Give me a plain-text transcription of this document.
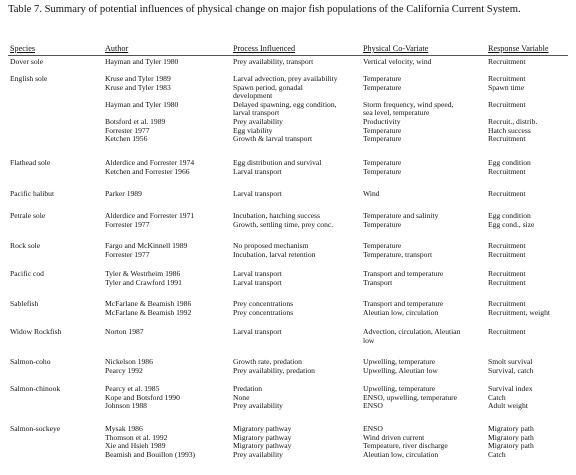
Table 7. Summary of potential influences of physical change on major fish populations of the California Current System.
Species	Author	Process Influenced	Physical Co-Variate	Response Variable
Dover sole	Hayman and Tyler 1980	Prey availability, transport	Vertical velocity, wind	Recruitment
English sole	Kruse and Tyler 1989	Larval advection, prey availability	Temperature	Recruitment
Kruse and Tyler 1983	Spawn period, gonadal	Temperature	Spawn time
development
Hayman and Tyler 1980	Delayed spawning, egg condition,	Storm frequency, wind speed,	Recruitment
larval transport	sea level, temperature
Botsford et al. 1989	Prey availability	Productivity	Recruit., distrib.
Forrester 1977	Egg viability	Temperature	Hatch success
Ketchen 1956	Growth & larval transport	Temperature	Recruitment
Flathead sole	Alderdice and Forrester 1974	Egg distribution and survival	Temperature	Egg condition
Ketchen and Forrester 1966	Larval transport	Temperature	Recruitment
Pacific halibut	Parker 1989	Larval transport	Wind	Recruitment
Petrale sole	Alderdice and Forrester 1971	Incubation, hatching success	Temperature and salinity	Egg condition
Forrester 1977	Growth, settling time, prey conc.	Temperature	Egg cond., size
Rock sole	Fargo and McKinnell 1989	No proposed mechanism	Temperature	Recruitment
Forrester 1977	Incubation, larval retention	Temperature, transport	Recruitment
Pacific cod	Tyler & Westrheim 1986	Larval transport	Transport and temperature	Recruitment
Tyler and Crawford 1991	Larval transport	Transport	Recruitment
Sablefish	McFarlane & Beamish 1986	Prey concentrations	Transport and temperature	Recruitment
McFarlane & Beamish 1992	Prey concentrations	Aleutian low, circulation	Recruitment, weight
Widow Rockfish	Norton 1987	Larval transport	Advection, circulation, Aleutian	Recruitment
low
Salmon-coho	Nickelson 1986	Growth rate, predation	Upwelling, temperature	Smolt survival
Pearcy 1992	Prey availability, predation	Upwelling, Aleutian low	Survival, catch
Salmon-chinook	Pearcy et al. 1985	Predation	Upwelling, temperature	Survival index
Kope and Botsford 1990	None	ENSO, upwelling, temperature	Catch
Johnson 1988	Prey availability	ENSO	Adult weight
Salmon-sockeye	Mysak 1986	Migratory pathway	ENSO	Migratory path
Thomson et al. 1992	Migratory pathway	Wind driven current	Migratory path
Xie and Hsieh 1989	Migratory pathway	Tempeature, river discharge	Migratory path
Beamish and Bouillon (1993)	Prey availability	Aleutian low, circulation	Catch
